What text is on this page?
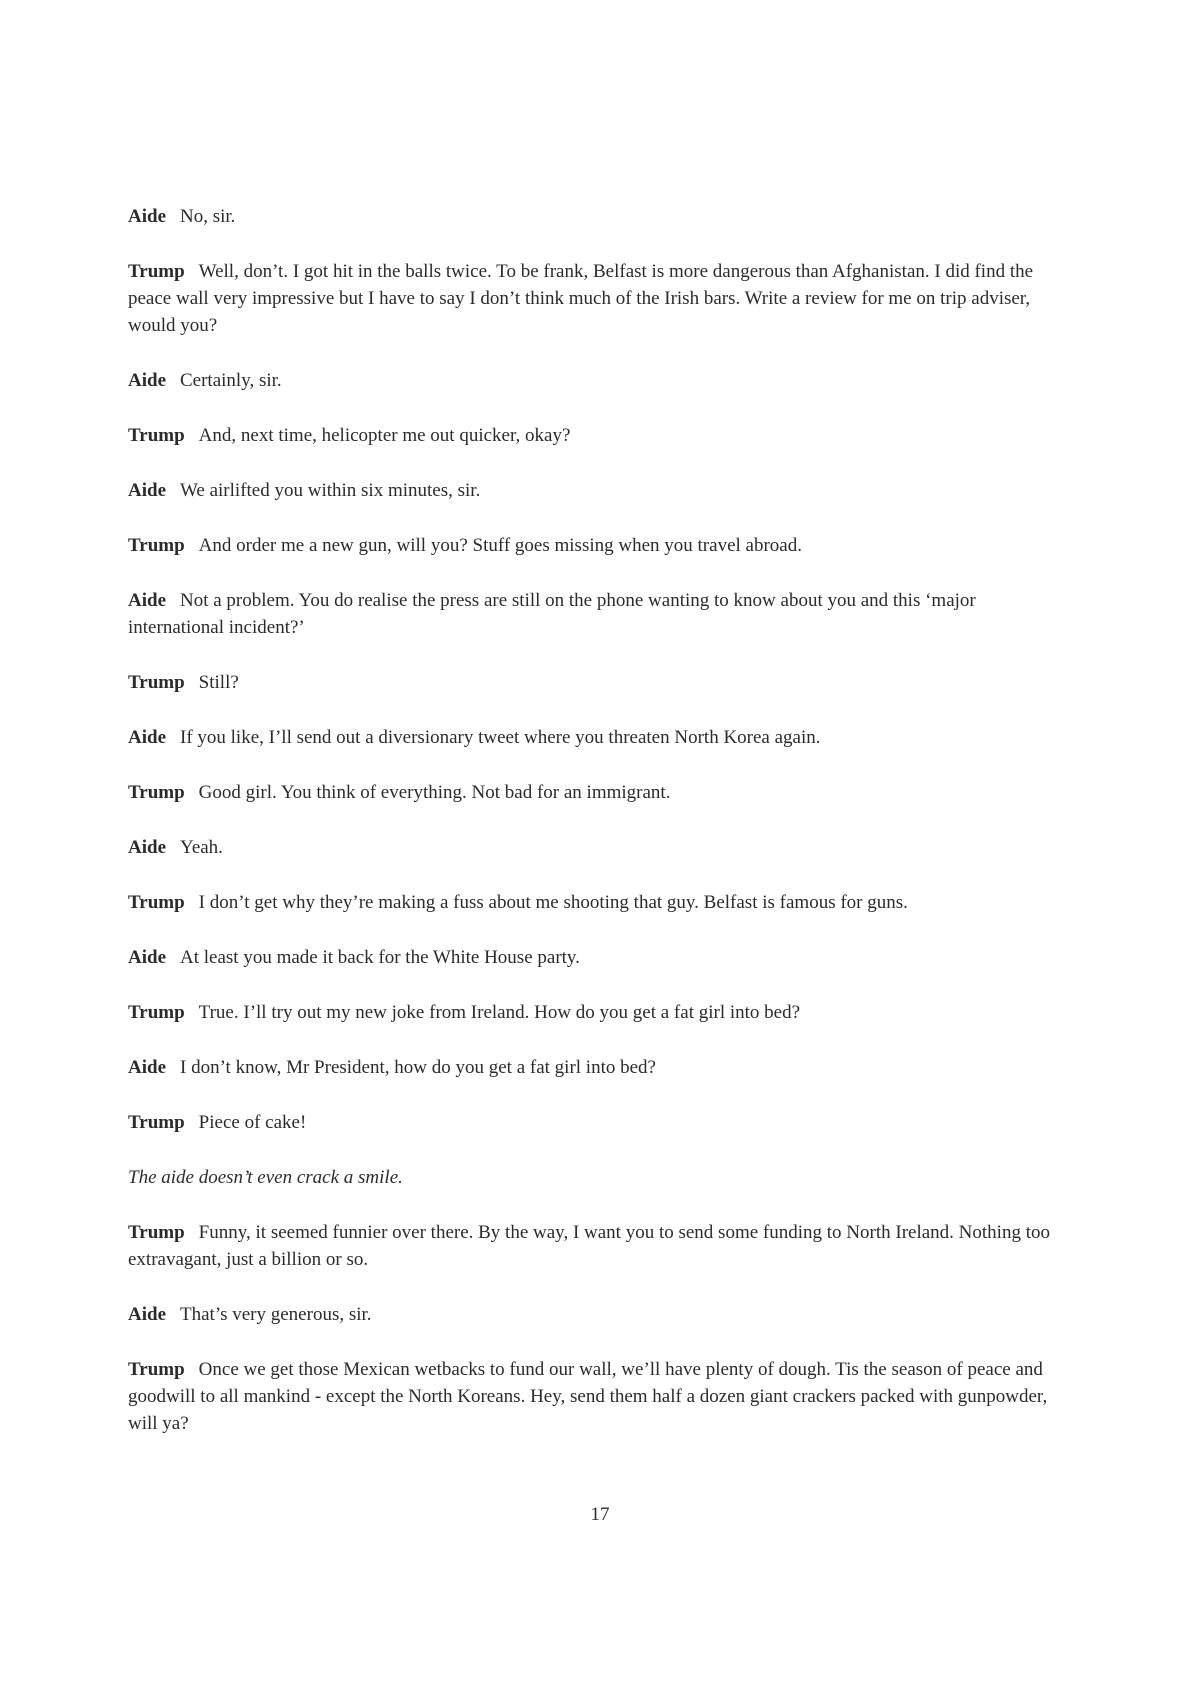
Aide No, sir.

Trump Well, don’t. I got hit in the balls twice. To be frank, Belfast is more dangerous than Afghanistan. I did find the peace wall very impressive but I have to say I don’t think much of the Irish bars. Write a review for me on trip adviser, would you?

Aide Certainly, sir.

Trump And, next time, helicopter me out quicker, okay?

Aide We airlifted you within six minutes, sir.

Trump And order me a new gun, will you? Stuff goes missing when you travel abroad.

Aide Not a problem. You do realise the press are still on the phone wanting to know about you and this ‘major international incident?’

Trump Still?

Aide If you like, I’ll send out a diversionary tweet where you threaten North Korea again.

Trump Good girl. You think of everything. Not bad for an immigrant.

Aide Yeah.

Trump I don’t get why they’re making a fuss about me shooting that guy. Belfast is famous for guns.

Aide At least you made it back for the White House party.

Trump True. I’ll try out my new joke from Ireland. How do you get a fat girl into bed?

Aide I don’t know, Mr President, how do you get a fat girl into bed?

Trump Piece of cake!

The aide doesn’t even crack a smile.

Trump Funny, it seemed funnier over there. By the way, I want you to send some funding to North Ireland. Nothing too extravagant, just a billion or so.

Aide That’s very generous, sir.

Trump Once we get those Mexican wetbacks to fund our wall, we’ll have plenty of dough. Tis the season of peace and goodwill to all mankind - except the North Koreans. Hey, send them half a dozen giant crackers packed with gunpowder, will ya?

17
